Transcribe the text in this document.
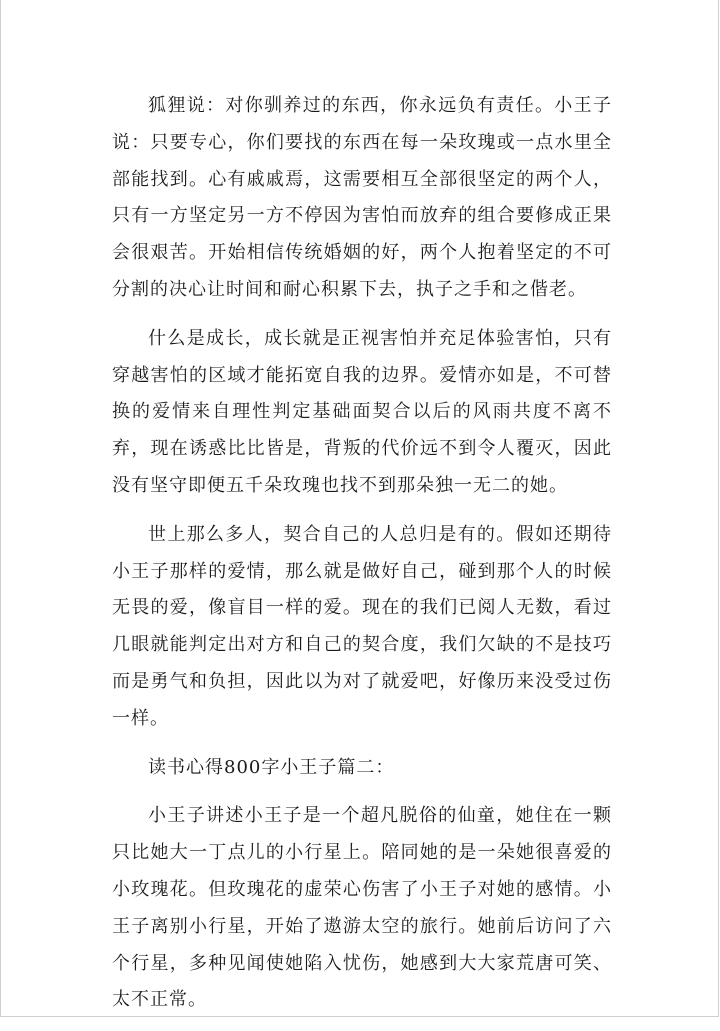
狐狸说：对你驯养过的东西，你永远负有责任。小王子说：只要专心，你们要找的东西在每一朵玫瑰或一点水里全部能找到。心有戚戚焉，这需要相互全部很坚定的两个人，只有一方坚定另一方不停因为害怕而放弃的组合要修成正果会很艰苦。开始相信传统婚姻的好，两个人抱着坚定的不可分割的决心让时间和耐心积累下去，执子之手和之偕老。

什么是成长，成长就是正视害怕并充足体验害怕，只有穿越害怕的区域才能拓宽自我的边界。爱情亦如是，不可替换的爱情来自理性判定基础面契合以后的风雨共度不离不弃，现在诱惑比比皆是，背叛的代价远不到令人覆灭，因此没有坚守即便五千朵玫瑰也找不到那朵独一无二的她。

世上那么多人，契合自己的人总归是有的。假如还期待小王子那样的爱情，那么就是做好自己，碰到那个人的时候无畏的爱，像盲目一样的爱。现在的我们已阅人无数，看过几眼就能判定出对方和自己的契合度，我们欠缺的不是技巧而是勇气和负担，因此以为对了就爱吧，好像历来没受过伤一样。

读书心得800字小王子篇二：

小王子讲述小王子是一个超凡脱俗的仙童，她住在一颗只比她大一丁点儿的小行星上。陪同她的是一朵她很喜爱的小玫瑰花。但玫瑰花的虚荣心伤害了小王子对她的感情。小王子离别小行星，开始了遨游太空的旅行。她前后访问了六个行星，多种见闻使她陷入忧伤，她感到大大家荒唐可笑、太不正常。
